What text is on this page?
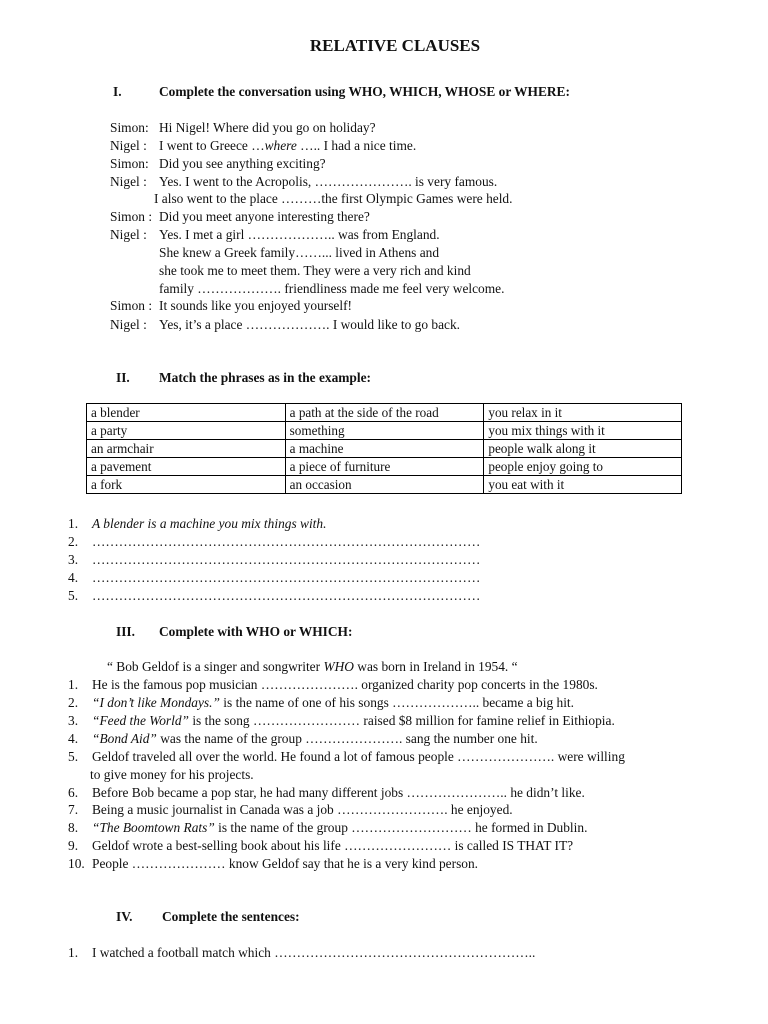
RELATIVE CLAUSES
I.	Complete the conversation using WHO, WHICH, WHOSE or WHERE:
Simon: Hi Nigel! Where did you go on holiday?
Nigel : I went to Greece …where ….. I had a nice time.
Simon: Did you see anything exciting?
Nigel : Yes. I went to the Acropolis, …………………. is very famous.
I also went to the place ………the first Olympic Games were held.
Simon : Did you meet anyone interesting there?
Nigel : Yes. I met a girl ……………….. was from England.
She knew a Greek family……... lived in Athens and
she took me to meet them. They were a very rich and kind
family ………………. friendliness made me feel very welcome.
Simon : It sounds like you enjoyed yourself!
Nigel : Yes, it’s a place ………………. I would like to go back.
II. Match the phrases as in the example:
a blender	a path at the side of the road	you relax in it
a party	something	you mix things with it
an armchair	a machine	people walk along it
a pavement	a piece of furniture	people enjoy going to
a fork	an occasion	you eat with it
1. A blender is a machine you mix things with.
2. ……………………………………………………………………………
3. ……………………………………………………………………………
4. ……………………………………………………………………………
5. ……………………………………………………………………………
III. Complete with WHO or WHICH:
“ Bob Geldof is a singer and songwriter WHO was born in Ireland in 1954. “
1. He is the famous pop musician …………………. organized charity pop concerts in the 1980s.
2. “I don’t like Mondays.” is the name of one of his songs ……………….. became a big hit.
3. “Feed the World” is the song …………………… raised $8 million for famine relief in Eithiopia.
4. “Bond Aid” was the name of the group …………………. sang the number one hit.
5. Geldof traveled all over the world. He found a lot of famous people …………………. were willing
to give money for his projects.
6. Before Bob became a pop star, he had many different jobs ………………….. he didn’t like.
7. Being a music journalist in Canada was a job ……………………. he enjoyed.
8. “The Boomtown Rats” is the name of the group ……………………… he formed in Dublin.
9. Geldof wrote a best-selling book about his life …………………… is called IS THAT IT?
10. People ………………… know Geldof say that he is a very kind person.
IV. Complete the sentences:
1. I watched a football match which …………………………………………………..
